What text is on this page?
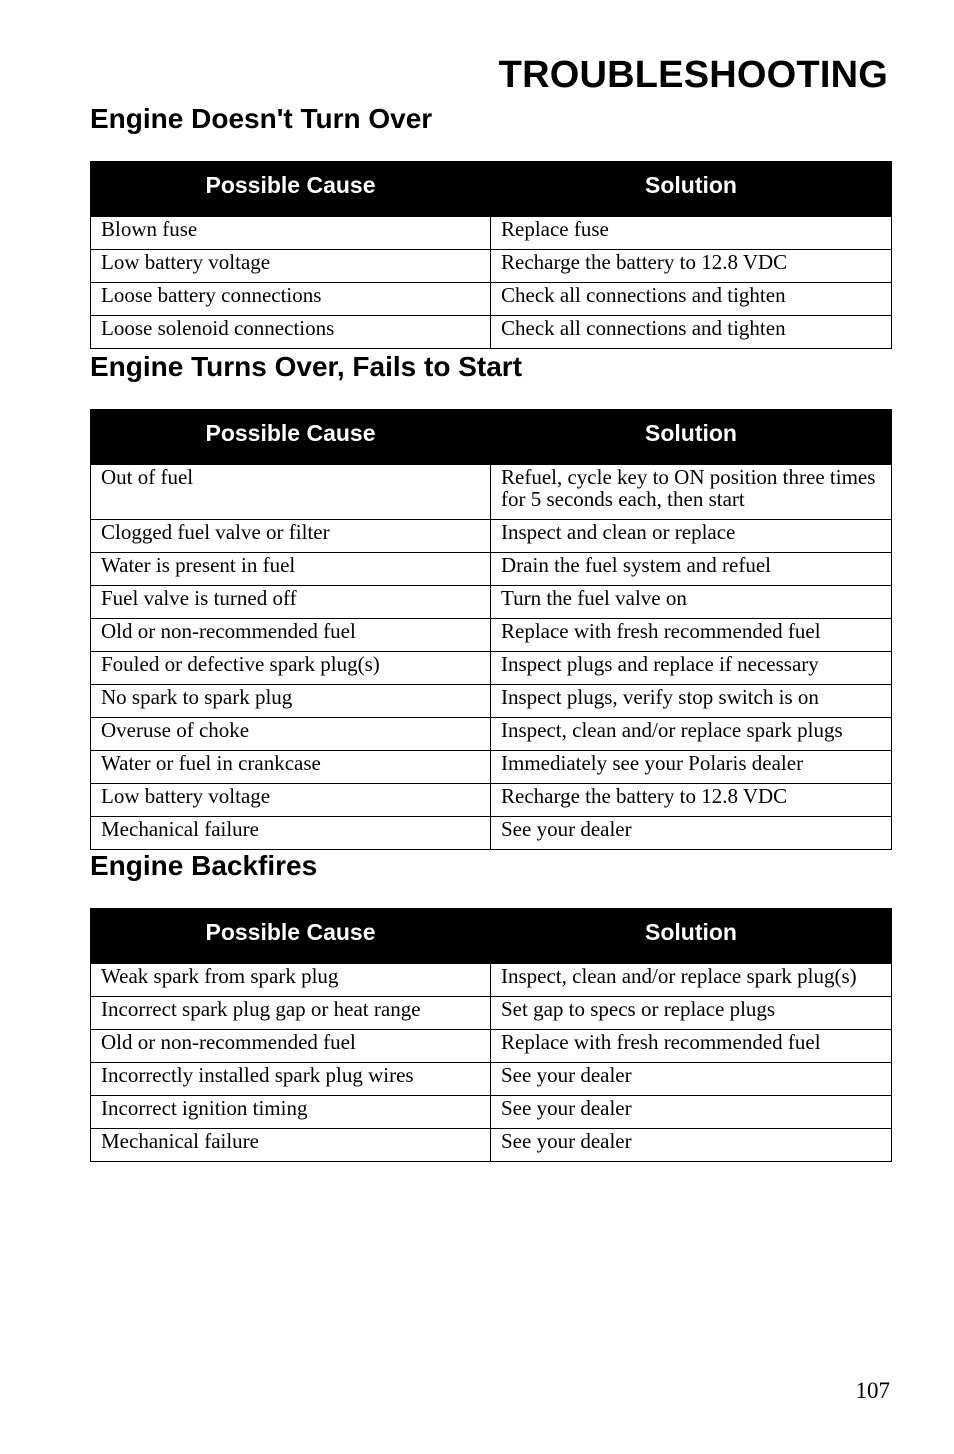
TROUBLESHOOTING
Engine Doesn't Turn Over
Possible Cause	Solution
Blown fuse	Replace fuse
Low battery voltage	Recharge the battery to 12.8 VDC
Loose battery connections	Check all connections and tighten
Loose solenoid connections	Check all connections and tighten
Engine Turns Over, Fails to Start
Possible Cause	Solution
Out of fuel	Refuel, cycle key to ON position three times for 5 seconds each, then start
Clogged fuel valve or filter	Inspect and clean or replace
Water is present in fuel	Drain the fuel system and refuel
Fuel valve is turned off	Turn the fuel valve on
Old or non-recommended fuel	Replace with fresh recommended fuel
Fouled or defective spark plug(s)	Inspect plugs and replace if necessary
No spark to spark plug	Inspect plugs, verify stop switch is on
Overuse of choke	Inspect, clean and/or replace spark plugs
Water or fuel in crankcase	Immediately see your Polaris dealer
Low battery voltage	Recharge the battery to 12.8 VDC
Mechanical failure	See your dealer
Engine Backfires
Possible Cause	Solution
Weak spark from spark plug	Inspect, clean and/or replace spark plug(s)
Incorrect spark plug gap or heat range	Set gap to specs or replace plugs
Old or non-recommended fuel	Replace with fresh recommended fuel
Incorrectly installed spark plug wires	See your dealer
Incorrect ignition timing	See your dealer
Mechanical failure	See your dealer
107
